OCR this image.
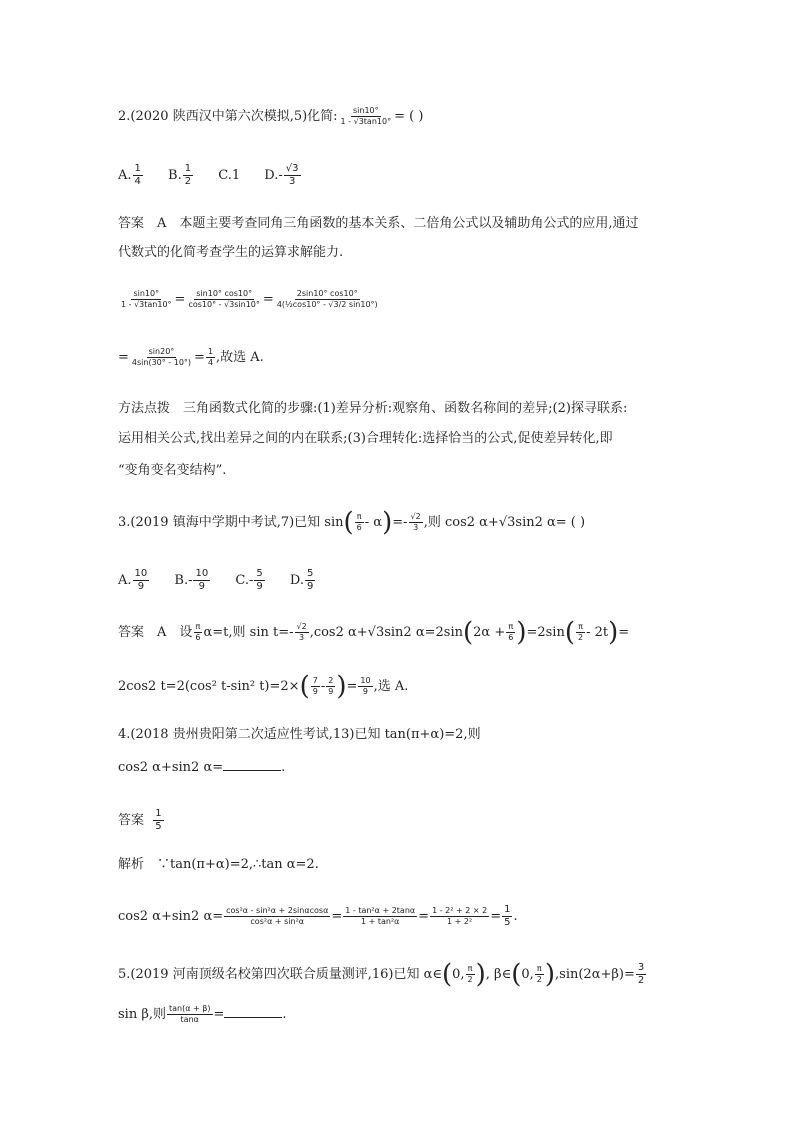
2.(2020 陕西汉中第六次模拟,5)化简: $\frac{\sin 10^\circ}{1 - √3\tan 10^\circ}$ = ( )
A. $\frac{1}{4} B$. $\frac{1}{2} C.1$ $D.- \frac{√3}{3}$
答案　A　本题主要考查同角三角函数的基本关系、二倍角公式以及辅助角公式的应用,通过
代数式的化简考查学生的运算求解能力.
$\frac{\sin 10^\circ}{1 - √3\tan 10^\circ} = \frac{\sin 10^\circ \cos 10^\circ}{\cos 10^\circ - √3\sin 10^\circ} = \frac{2\sin 10^\circ \cos 10^\circ}{\text{4(½cos10° - √3/2 sin10°)}}$
= $\frac{\sin 20^\circ}{4\sin(30^\circ - 10^\circ)} = \frac{1}{4}$ ,故选 A.
方法点拨　三角函数式化简的步骤:(1)差异分析:观察角、函数名称间的差异;(2)探寻联系:
运用相关公式,找出差异之间的内在联系;(3)合理转化:选择恰当的公式,促使差异转化,即
“变角变名变结构”.
3.(2019 镇海中学期中考试,7)已知 $\sin( \frac{\pi}{6} - \alpha)=- \frac{√2}{3}$ ,则 cos2 α+√3sin2 α= ( )
A. $\frac{10}{9} B.- \frac{10}{9} C.- \frac{5}{9} D$. $\frac{5}{9}$
答案　A　设 $\frac{\pi}{6} \alpha=t$,则 $\sin t=- \frac{√2}{3} ,\cos 2$ α+√3sin2 $\alpha=2\sin(2\alpha + \frac{\pi}{6} )=2\sin( \frac{\pi}{2} - 2t)=$
2cos2 t=2(cos² t-sin² $t)=2\times( \frac{7}{9} - \frac{2}{9}$ )= $\frac{10}{9}$ ,选 A.
4.(2018 贵州贵阳第二次适应性考试,13)已知 tan(π+α)=2,则
cos2 α+sin2 α=	.
答案 $\frac{1}{5}$
解析　∵tan(π+α)=2,∴tan α=2.
cos2 α+sin2 $\alpha= \frac{\text{cos²α - sin²α + 2sinαcosα}}{\text{cos²α + sin²α}} = \frac{\text{1 - tan²α + 2tanα}}{\text{1 + tan²α}} = \frac{\text{1 - 2² + 2 × 2}}{\text{1 + 2²}} = \frac{1}{5}$ .
5.(2019 河南顶级名校第四次联合质量测评,16)已知 α∈(0, $\frac{\pi}{2}$ ), β∈(0, $\frac{\pi}{2} ),\sin(2\alpha+\beta)= \frac{3}{2}$
sin β,则 $\frac{\tan(\alpha + \beta)}{\tan\alpha}$ =	.
